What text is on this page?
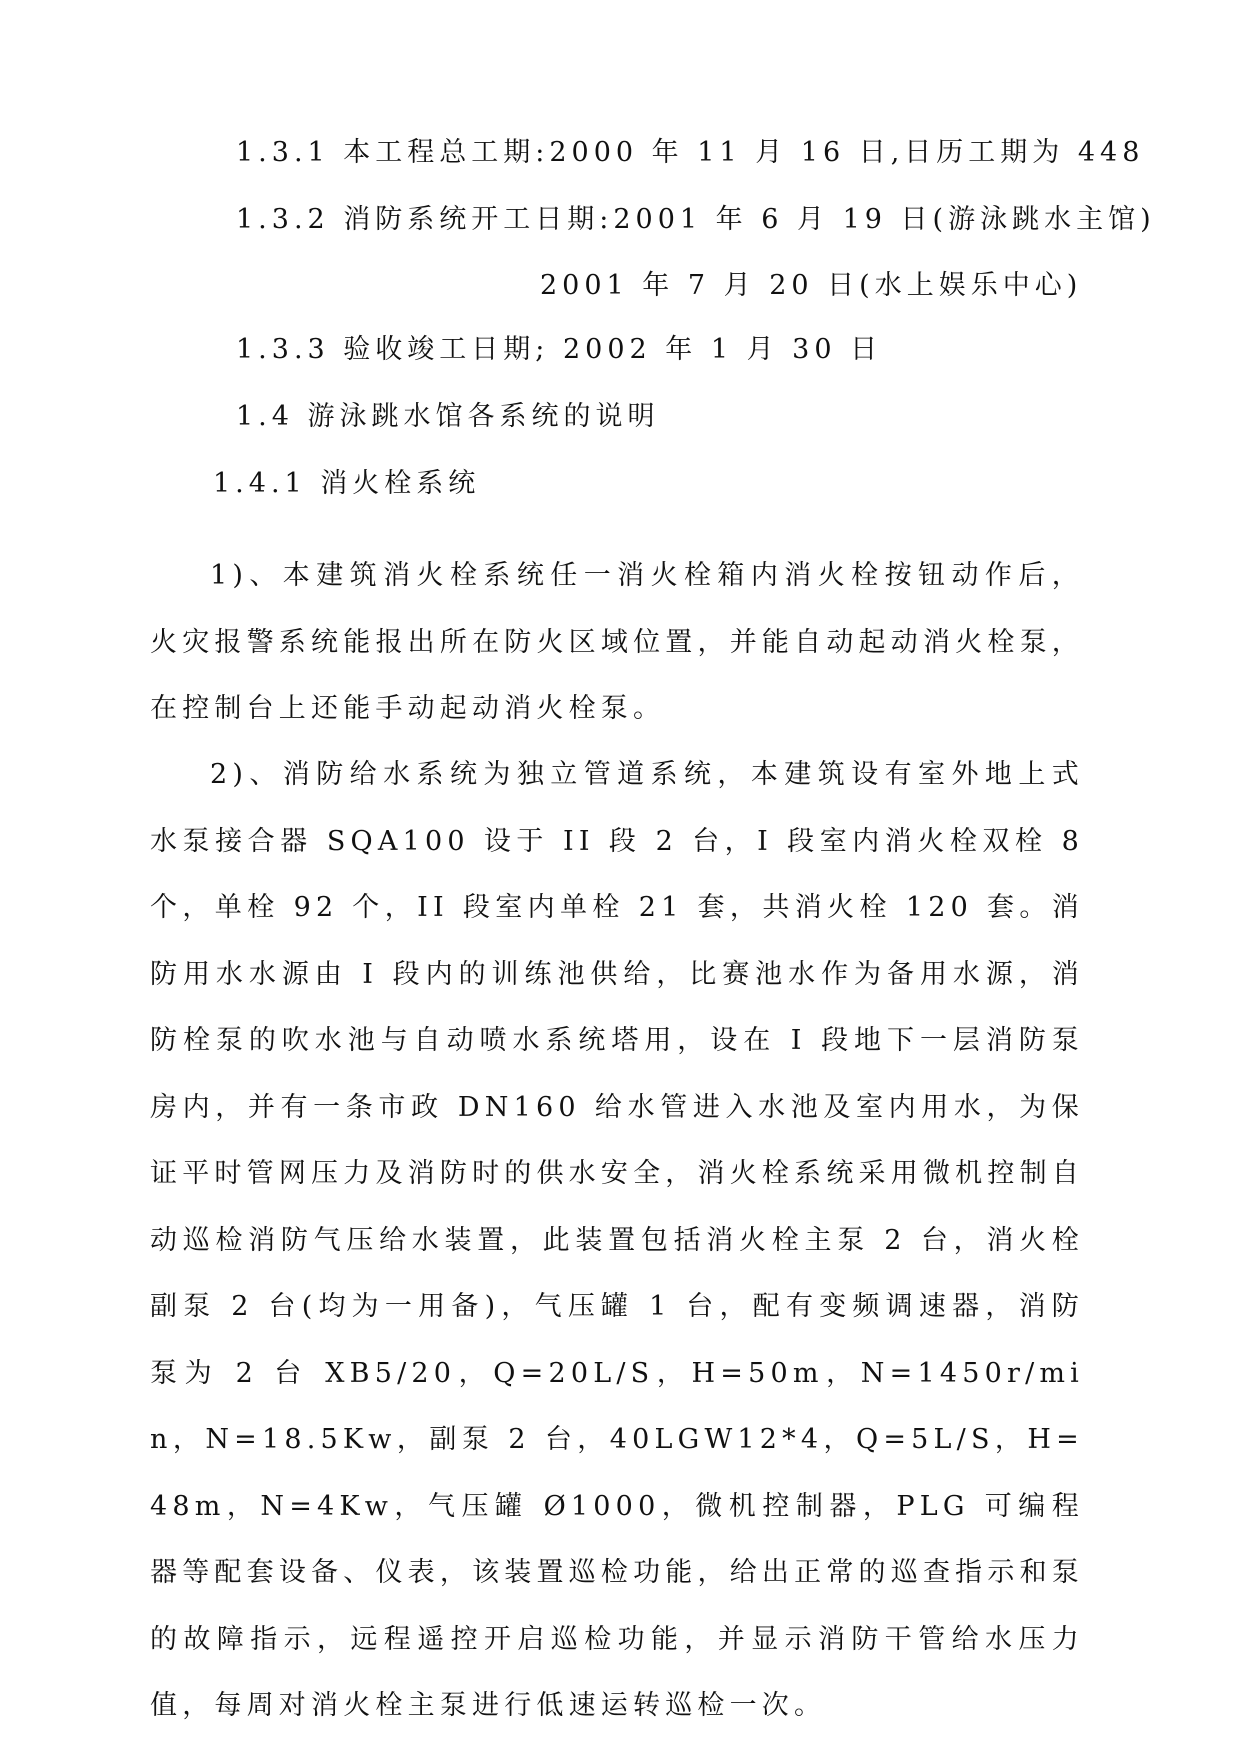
1.3.1 本工程总工期:2000 年 11 月 16 日,日历工期为 448
1.3.2 消防系统开工日期:2001 年 6 月 19 日(游泳跳水主馆)
2001 年 7 月 20 日(水上娱乐中心)
1.3.3 验收竣工日期; 2002 年 1 月 30 日
1.4 游泳跳水馆各系统的说明
1.4.1 消火栓系统

1)、本建筑消火栓系统任一消火栓箱内消火栓按钮动作后，火灾报警系统能报出所在防火区域位置，并能自动起动消火栓泵，在控制台上还能手动起动消火栓泵。

2)、消防给水系统为独立管道系统，本建筑设有室外地上式水泵接合器 SQA100 设于 II 段 2 台，I 段室内消火栓双栓 8 个，单栓 92 个，II 段室内单栓 21 套，共消火栓 120 套。消防用水水源由 I 段内的训练池供给，比赛池水作为备用水源，消防栓泵的吹水池与自动喷水系统塔用，设在 I 段地下一层消防泵房内，并有一条市政 DN160 给水管进入水池及室内用水，为保证平时管网压力及消防时的供水安全，消火栓系统采用微机控制自动巡检消防气压给水装置，此装置包括消火栓主泵 2 台，消火栓副泵 2 台(均为一用备)，气压罐 1 台，配有变频调速器，消防泵为 2 台 XB5/20，Q=20L/S，H=50m，N=1450r/min，N=18.5Kw，副泵 2 台，40LGW12*4，Q=5L/S，H=48m，N=4Kw，气压罐 Ø1000，微机控制器，PLG 可编程器等配套设备、仪表，该装置巡检功能，给出正常的巡查指示和泵的故障指示，远程遥控开启巡检功能，并显示消防干管给水压力值，每周对消火栓主泵进行低速运转巡检一次。
